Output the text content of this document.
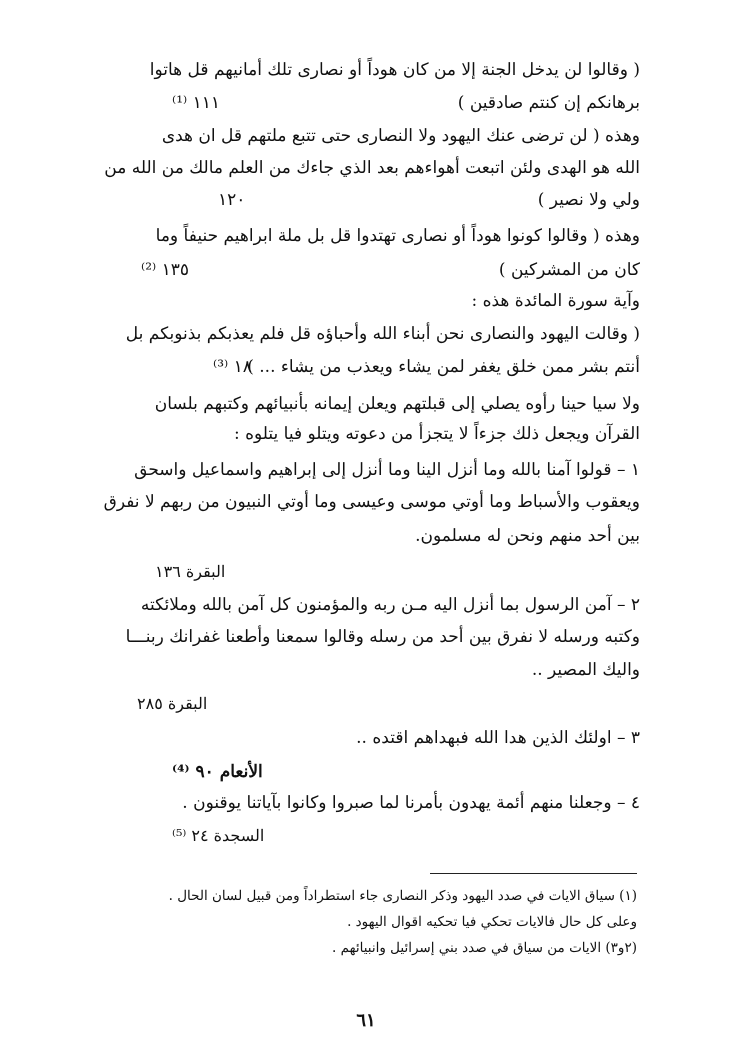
( وقالوا لن يدخل الجنة إلا من كان هوداً أو نصارى تلك أمانيهم قل هاتوا
برهانكم إن كنتم صادقين )
١١١ ⁽¹⁾
وهذه ( لن ترضى عنك اليهود ولا النصارى حتى تتبع ملتهم قل ان هدى
الله هو الهدى ولئن اتبعت أهواءهم بعد الذي جاءك من العلم مالك من الله من
ولي ولا نصير )
١٢٠
وهذه ( وقالوا كونوا هوداً أو نصارى تهتدوا قل بل ملة ابراهيم حنيفاً وما
كان من المشركين )
١٣٥ ⁽²⁾
وآية سورة المائدة هذه :
( وقالت اليهود والنصارى نحن أبناء الله وأحباؤه قل فلم يعذبكم بذنوبكم بل
أنتم بشر ممن خلق يغفر لمن يشاء ويعذب من يشاء ... )
١٨ ⁽³⁾
ولا سيا حينا رأوه يصلي إلى قبلتهم ويعلن إيمانه بأنبيائهم وكتبهم بلسان
القرآن ويجعل ذلك جزءاً لا يتجزأ من دعوته ويتلو فيا يتلوه :
١ – قولوا آمنا بالله وما أنزل الينا وما أنزل إلى إبراهيم واسماعيل واسحق
ويعقوب والأسباط وما أوتي موسى وعيسى وما أوتي النبيون من ربهم لا نفرق
بين أحد منهم ونحن له مسلمون.
البقرة ١٣٦
٢ – آمن الرسول بما أنزل اليه مـن ربه والمؤمنون كل آمن بالله وملائكته
وكتبه ورسله لا نفرق بين أحد من رسله وقالوا سمعنا وأطعنا غفرانك ربنـــا
واليك المصير ..
البقرة ٢٨٥
٣ – اولئك الذين هدا الله فبهداهم اقتده ..
الأنعام ٩٠ ⁽⁴⁾
٤ – وجعلنا منهم أئمة يهدون بأمرنا لما صبروا وكانوا بآياتنا يوقنون .
السجدة ٢٤ ⁽⁵⁾
(١) سياق الايات في صدد اليهود وذكر النصارى جاء استطراداً ومن قبيل لسان الحال .
وعلى كل حال فالايات تحكي فيا تحكيه اقوال اليهود .
(٢و٣) الايات من سياق في صدد بني إسرائيل وانبيائهم .
٦١
